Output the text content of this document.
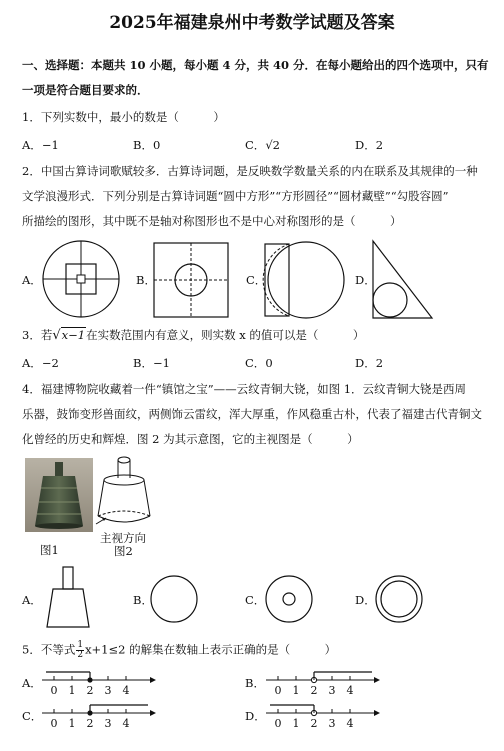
2025年福建泉州中考数学试题及答案
一、选择题：本题共 10 小题，每小题 4 分，共 40 分．在每小题给出的四个选项中，只有
一项是符合题目要求的．
1．下列实数中，最小的数是（　　　）
A．−1	B．0	C．√2	D．2
2．中国古算诗词歌赋较多．古算诗词题，是反映数学数量关系的内在联系及其规律的一种
文学浪漫形式．下列分别是古算诗词题“圆中方形”“方形圆径”“圆材藏壁”“勾股容圆”
所描绘的图形，其中既不是轴对称图形也不是中心对称图形的是（　　　）
A．	B．	C．	D．
3．若√x−1在实数范围内有意义，则实数 x 的值可以是（　　　）
A．−2	B．−1	C．0	D．2
4．福建博物院收藏着一件“镇馆之宝”——云纹青铜大铙，如图 1．云纹青铜大铙是西周
乐器，鼓饰变形兽面纹，两侧饰云雷纹，浑大厚重，作风稳重古朴，代表了福建古代青铜文
化曾经的历史和辉煌．图 2 为其示意图，它的主视图是（　　　）
图1
主视方向
图2
A．	B．	C．	D．
5．不等式 $\frac{1}{2} x+1\le 2$ 的解集在数轴上表示正确的是（　　　）
A．	B．
C．	D．
0 1 2 3 4	0 1 2 3 4
0 1 2 3 4	0 1 2 3 4
